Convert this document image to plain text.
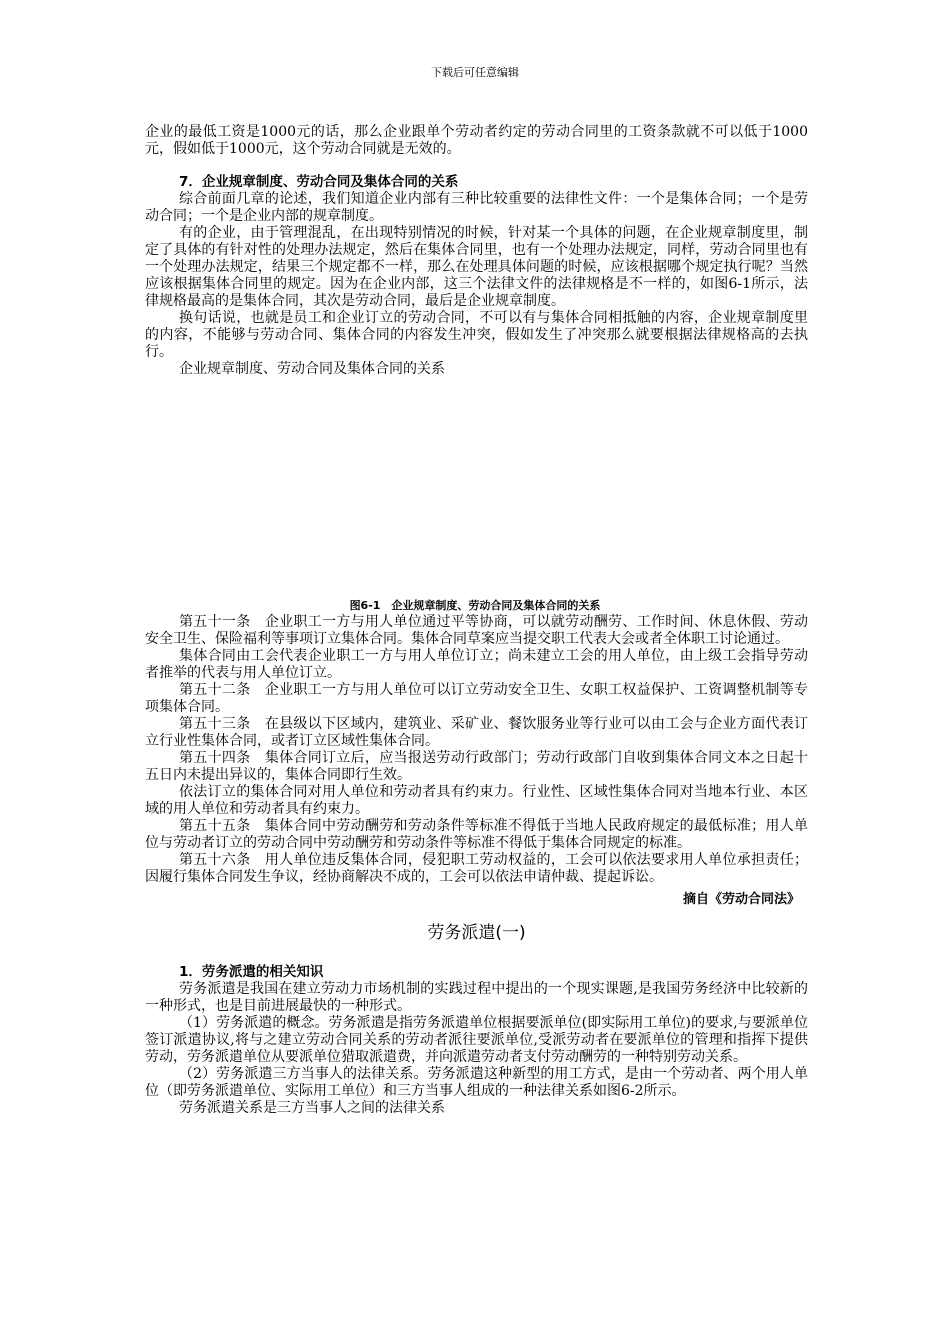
下载后可任意编辑

企业的最低工资是1000元的话，那么企业跟单个劳动者约定的劳动合同里的工资条款就不可以低于1000元，假如低于1000元，这个劳动合同就是无效的。

7．企业规章制度、劳动合同及集体合同的关系

综合前面几章的论述，我们知道企业内部有三种比较重要的法律性文件：一个是集体合同；一个是劳动合同；一个是企业内部的规章制度。

有的企业，由于管理混乱，在出现特别情况的时候，针对某一个具体的问题，在企业规章制度里，制定了具体的有针对性的处理办法规定，然后在集体合同里，也有一个处理办法规定，同样，劳动合同里也有一个处理办法规定，结果三个规定都不一样，那么在处理具体问题的时候，应该根据哪个规定执行呢？当然应该根据集体合同里的规定。因为在企业内部，这三个法律文件的法律规格是不一样的，如图6-1所示，法律规格最高的是集体合同，其次是劳动合同，最后是企业规章制度。

换句话说，也就是员工和企业订立的劳动合同，不可以有与集体合同相抵触的内容，企业规章制度里的内容，不能够与劳动合同、集体合同的内容发生冲突，假如发生了冲突那么就要根据法律规格高的去执行。

企业规章制度、劳动合同及集体合同的关系

图6-1　企业规章制度、劳动合同及集体合同的关系

第五十一条　企业职工一方与用人单位通过平等协商，可以就劳动酬劳、工作时间、休息休假、劳动安全卫生、保险福利等事项订立集体合同。集体合同草案应当提交职工代表大会或者全体职工讨论通过。

集体合同由工会代表企业职工一方与用人单位订立；尚未建立工会的用人单位，由上级工会指导劳动者推举的代表与用人单位订立。

第五十二条　企业职工一方与用人单位可以订立劳动安全卫生、女职工权益保护、工资调整机制等专项集体合同。

第五十三条　在县级以下区域内，建筑业、采矿业、餐饮服务业等行业可以由工会与企业方面代表订立行业性集体合同，或者订立区域性集体合同。

第五十四条　集体合同订立后，应当报送劳动行政部门；劳动行政部门自收到集体合同文本之日起十五日内未提出异议的，集体合同即行生效。

依法订立的集体合同对用人单位和劳动者具有约束力。行业性、区域性集体合同对当地本行业、本区域的用人单位和劳动者具有约束力。

第五十五条　集体合同中劳动酬劳和劳动条件等标准不得低于当地人民政府规定的最低标准；用人单位与劳动者订立的劳动合同中劳动酬劳和劳动条件等标准不得低于集体合同规定的标准。

第五十六条　用人单位违反集体合同，侵犯职工劳动权益的，工会可以依法要求用人单位承担责任；因履行集体合同发生争议，经协商解决不成的，工会可以依法申请仲裁、提起诉讼。

摘自《劳动合同法》

劳务派遣(一)

1．劳务派遣的相关知识

劳务派遣是我国在建立劳动力市场机制的实践过程中提出的一个现实课题,是我国劳务经济中比较新的一种形式，也是目前进展最快的一种形式。

（1）劳务派遣的概念。劳务派遣是指劳务派遣单位根据要派单位(即实际用工单位)的要求,与要派单位签订派遣协议,将与之建立劳动合同关系的劳动者派往要派单位,受派劳动者在要派单位的管理和指挥下提供劳动，劳务派遣单位从要派单位猎取派遣费，并向派遣劳动者支付劳动酬劳的一种特别劳动关系。

（2）劳务派遣三方当事人的法律关系。劳务派遣这种新型的用工方式，是由一个劳动者、两个用人单位（即劳务派遣单位、实际用工单位）和三方当事人组成的一种法律关系如图6-2所示。

劳务派遣关系是三方当事人之间的法律关系
